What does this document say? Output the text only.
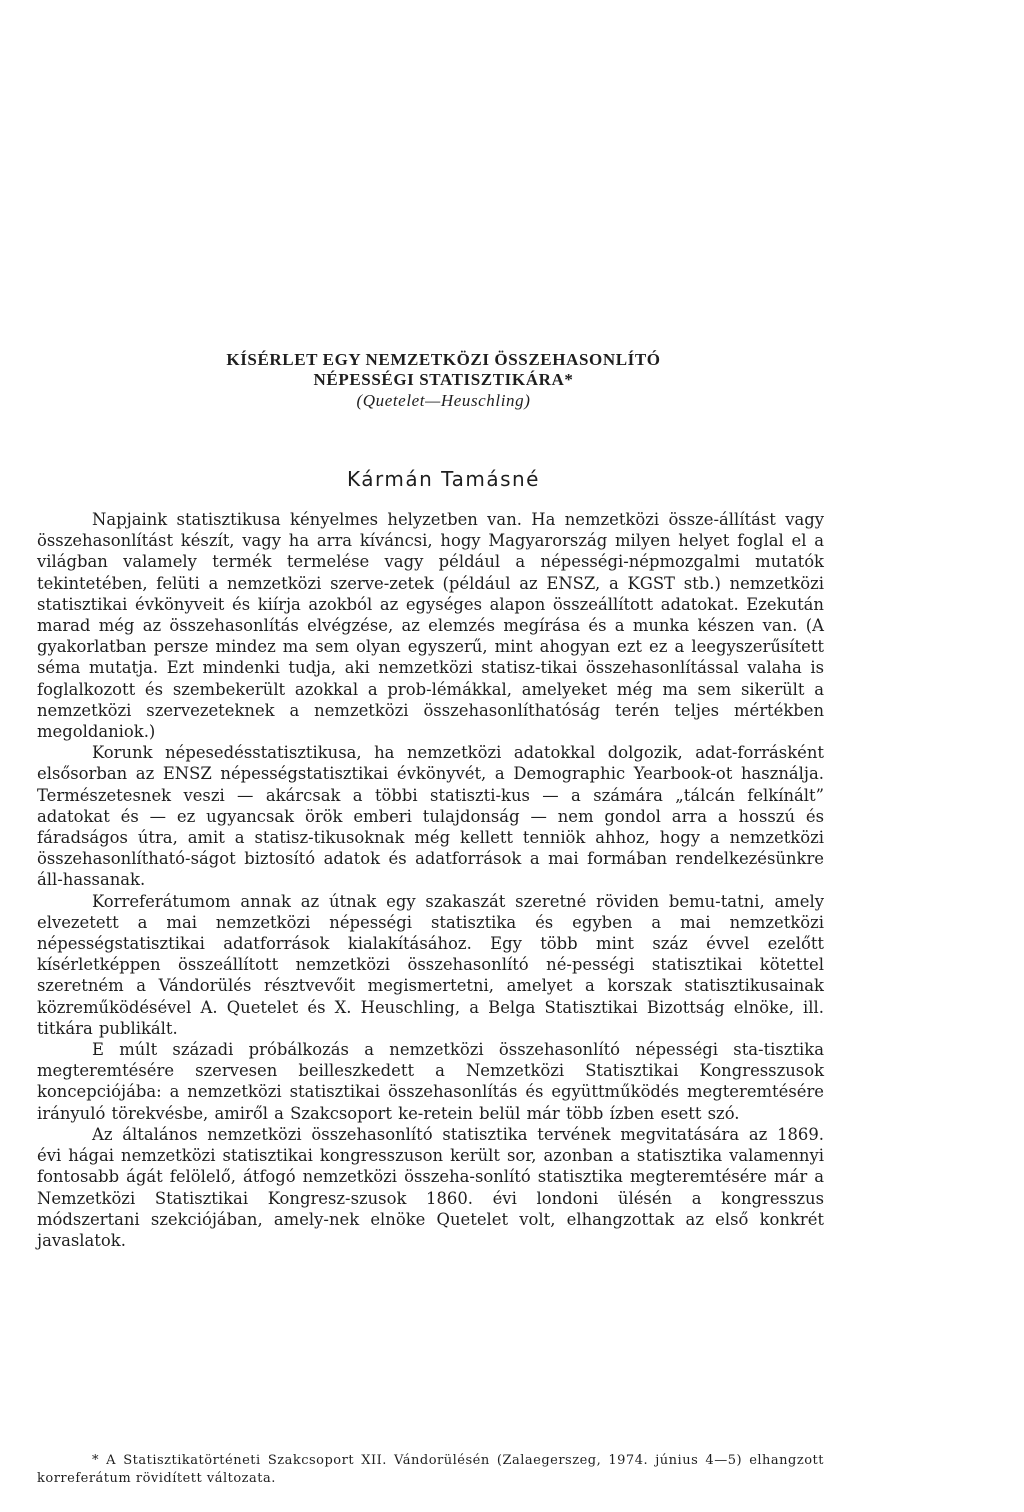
KÍSÉRLET EGY NEMZETKÖZI ÖSSZEHASONLÍTÓ
NÉPESSÉGI STATISZTIKÁRA*

(Quetelet—Heuschling)

Kármán Tamásné

Napjaink statisztikusa kényelmes helyzetben van. Ha nemzetközi össze-állítást vagy összehasonlítást készít, vagy ha arra kíváncsi, hogy Magyarország milyen helyet foglal el a világban valamely termék termelése vagy például a népességi-népmozgalmi mutatók tekintetében, felüti a nemzetközi szerve-zetek (például az ENSZ, a KGST stb.) nemzetközi statisztikai évkönyveit és kiírja azokból az egységes alapon összeállított adatokat. Ezekután marad még az összehasonlítás elvégzése, az elemzés megírása és a munka készen van. (A gyakorlatban persze mindez ma sem olyan egyszerű, mint ahogyan ezt ez a leegyszerűsített séma mutatja. Ezt mindenki tudja, aki nemzetközi statisz-tikai összehasonlítással valaha is foglalkozott és szembekerült azokkal a prob-lémákkal, amelyeket még ma sem sikerült a nemzetközi szervezeteknek a nemzetközi összehasonlíthatóság terén teljes mértékben megoldaniok.)

Korunk népesedésstatisztikusa, ha nemzetközi adatokkal dolgozik, adat-forrásként elsősorban az ENSZ népességstatisztikai évkönyvét, a Demographic Yearbook-ot használja. Természetesnek veszi — akárcsak a többi statiszti-kus — a számára „tálcán felkínált” adatokat és — ez ugyancsak örök emberi tulajdonság — nem gondol arra a hosszú és fáradságos útra, amit a statisz-tikusoknak még kellett tenniök ahhoz, hogy a nemzetközi összehasonlítható-ságot biztosító adatok és adatforrások a mai formában rendelkezésünkre áll-hassanak.

Korreferátumom annak az útnak egy szakaszát szeretné röviden bemu-tatni, amely elvezetett a mai nemzetközi népességi statisztika és egyben a mai nemzetközi népességstatisztikai adatforrások kialakításához. Egy több mint száz évvel ezelőtt kísérletképpen összeállított nemzetközi összehasonlító né-pességi statisztikai kötettel szeretném a Vándorülés résztvevőit megismertetni, amelyet a korszak statisztikusainak közreműködésével A. Quetelet és X. Heuschling, a Belga Statisztikai Bizottság elnöke, ill. titkára publikált.

E múlt századi próbálkozás a nemzetközi összehasonlító népességi sta-tisztika megteremtésére szervesen beilleszkedett a Nemzetközi Statisztikai Kongresszusok koncepciójába: a nemzetközi statisztikai összehasonlítás és együttműködés megteremtésére irányuló törekvésbe, amiről a Szakcsoport ke-retein belül már több ízben esett szó.

Az általános nemzetközi összehasonlító statisztika tervének megvitatására az 1869. évi hágai nemzetközi statisztikai kongresszuson került sor, azonban a statisztika valamennyi fontosabb ágát felölelő, átfogó nemzetközi összeha-sonlító statisztika megteremtésére már a Nemzetközi Statisztikai Kongresz-szusok 1860. évi londoni ülésén a kongresszus módszertani szekciójában, amely-nek elnöke Quetelet volt, elhangzottak az első konkrét javaslatok.

* A Statisztikatörténeti Szakcsoport XII. Vándorülésén (Zalaegerszeg, 1974. június 4—5) elhangzott korreferátum rövidített változata.
